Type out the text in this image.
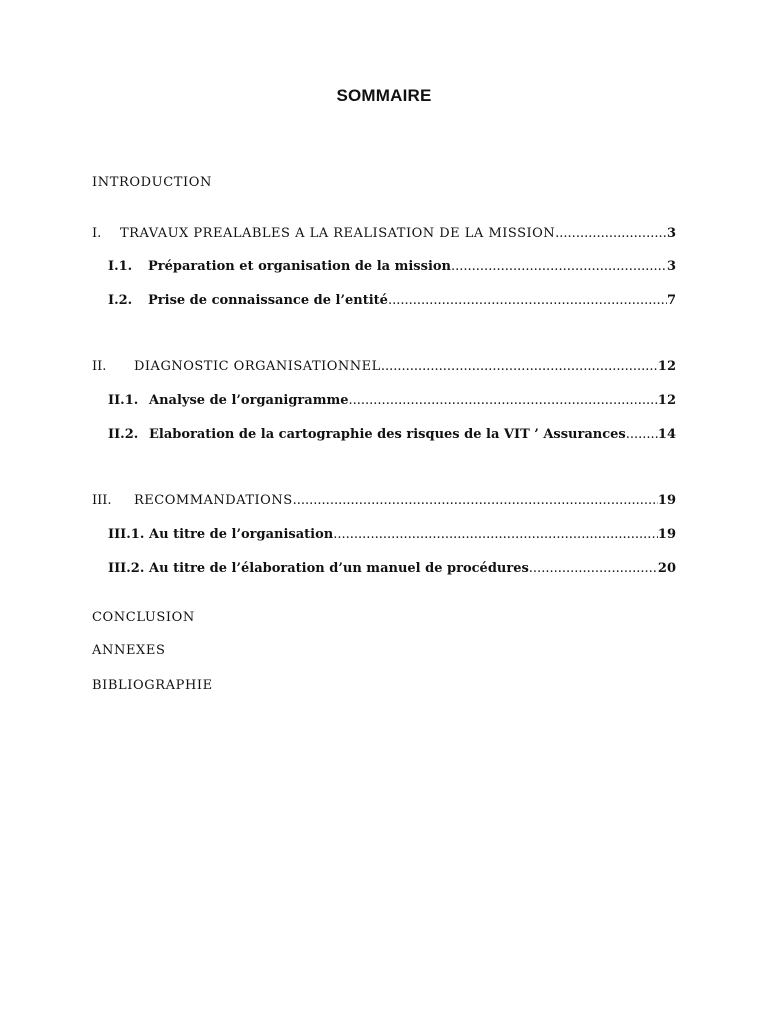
SOMMAIRE
INTRODUCTION
I.	TRAVAUX PREALABLES A LA REALISATION DE LA MISSION .....	3
I.1.	Préparation et organisation de la mission .....	3
I.2.	Prise de connaissance de l’entité .....	7
II.	DIAGNOSTIC ORGANISATIONNEL .....	12
II.1. Analyse de l’organigramme .....	12
II.2. Elaboration de la cartographie des risques de la VIT ’ Assurances ..... 14
III.	RECOMMANDATIONS .....	19
III.1. Au titre de l’organisation .....	19
III.2. Au titre de l’élaboration d’un manuel de procédures .....	20
CONCLUSION
ANNEXES
BIBLIOGRAPHIE
